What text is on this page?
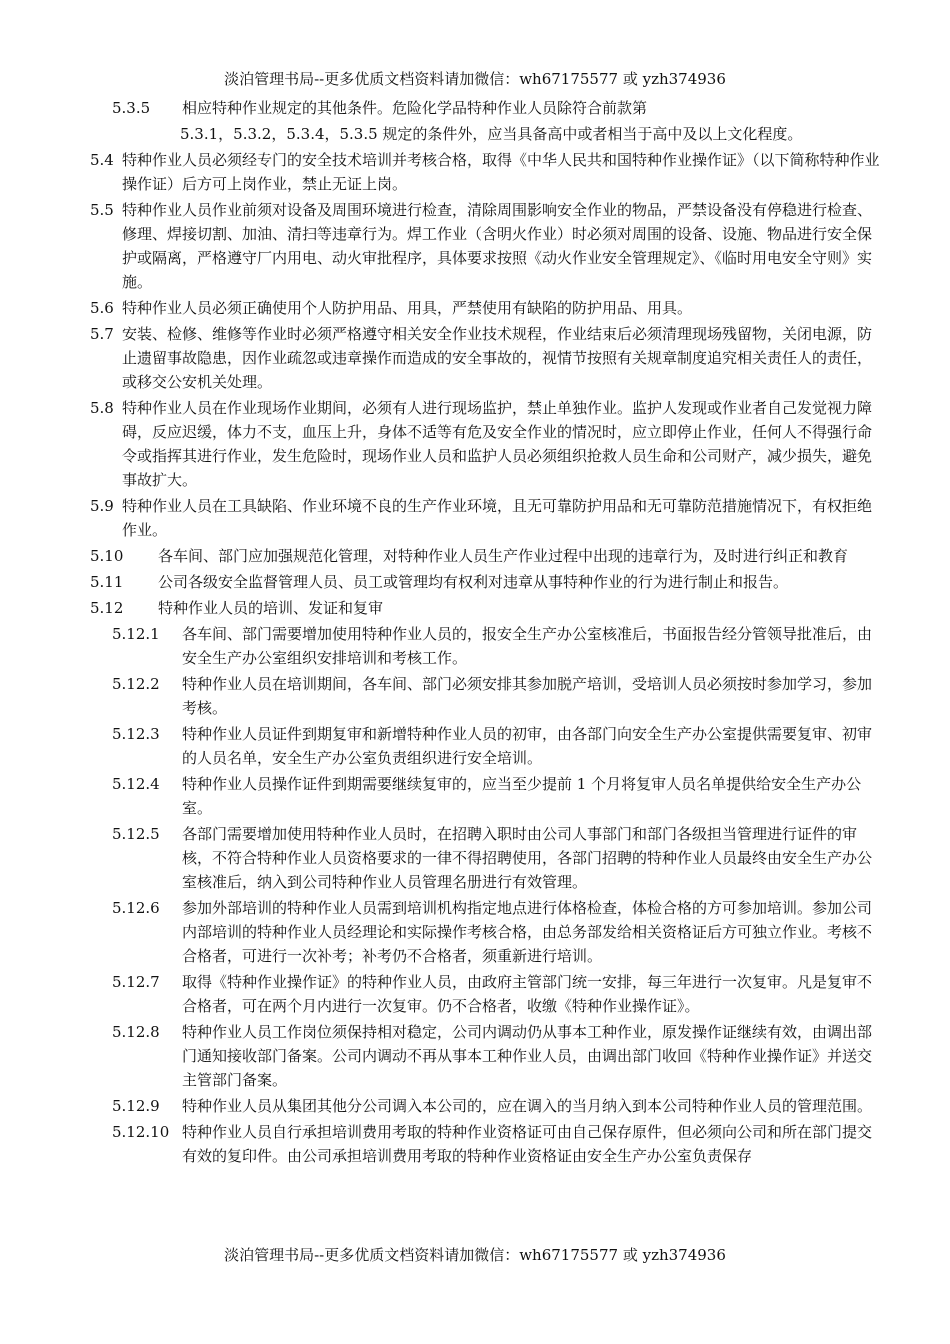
淡泊管理书局--更多优质文档资料请加微信：wh67175577 或 yzh374936
5.3.5 相应特种作业规定的其他条件。危险化学品特种作业人员除符合前款第
5.3.1，5.3.2，5.3.4，5.3.5 规定的条件外，应当具备高中或者相当于高中及以上文化程度。
5.4 特种作业人员必须经专门的安全技术培训并考核合格，取得《中华人民共和国特种作业操作证》（以下简称特种作业操作证）后方可上岗作业，禁止无证上岗。
5.5 特种作业人员作业前须对设备及周围环境进行检查，清除周围影响安全作业的物品，严禁设备没有停稳进行检查、修理、焊接切割、加油、清扫等违章行为。焊工作业（含明火作业）时必须对周围的设备、设施、物品进行安全保护或隔离，严格遵守厂内用电、动火审批程序，具体要求按照《动火作业安全管理规定》、《临时用电安全守则》实施。
5.6 特种作业人员必须正确使用个人防护用品、用具，严禁使用有缺陷的防护用品、用具。
5.7 安装、检修、维修等作业时必须严格遵守相关安全作业技术规程，作业结束后必须清理现场残留物，关闭电源，防止遗留事故隐患，因作业疏忽或违章操作而造成的安全事故的，视情节按照有关规章制度追究相关责任人的责任，或移交公安机关处理。
5.8 特种作业人员在作业现场作业期间，必须有人进行现场监护，禁止单独作业。监护人发现或作业者自己发觉视力障碍，反应迟缓，体力不支，血压上升，身体不适等有危及安全作业的情况时，应立即停止作业，任何人不得强行命令或指挥其进行作业，发生危险时，现场作业人员和监护人员必须组织抢救人员生命和公司财产，减少损失，避免事故扩大。
5.9 特种作业人员在工具缺陷、作业环境不良的生产作业环境，且无可靠防护用品和无可靠防范措施情况下，有权拒绝作业。
5.10	各车间、部门应加强规范化管理，对特种作业人员生产作业过程中出现的违章行为，及时进行纠正和教育
5.11	公司各级安全监督管理人员、员工或管理均有权利对违章从事特种作业的行为进行制止和报告。
5.12	特种作业人员的培训、发证和复审
5.12.1 各车间、部门需要增加使用特种作业人员的，报安全生产办公室核准后，书面报告经分管领导批准后，由安全生产办公室组织安排培训和考核工作。
5.12.2 特种作业人员在培训期间，各车间、部门必须安排其参加脱产培训，受培训人员必须按时参加学习，参加考核。
5.12.3 特种作业人员证件到期复审和新增特种作业人员的初审，由各部门向安全生产办公室提供需要复审、初审的人员名单，安全生产办公室负责组织进行安全培训。
5.12.4 特种作业人员操作证件到期需要继续复审的，应当至少提前 1 个月将复审人员名单提供给安全生产办公室。
5.12.5 各部门需要增加使用特种作业人员时，在招聘入职时由公司人事部门和部门各级担当管理进行证件的审核，不符合特种作业人员资格要求的一律不得招聘使用，各部门招聘的特种作业人员最终由安全生产办公室核准后，纳入到公司特种作业人员管理名册进行有效管理。
5.12.6 参加外部培训的特种作业人员需到培训机构指定地点进行体格检查，体检合格的方可参加培训。参加公司内部培训的特种作业人员经理论和实际操作考核合格，由总务部发给相关资格证后方可独立作业。考核不合格者，可进行一次补考；补考仍不合格者，须重新进行培训。
5.12.7 取得《特种作业操作证》的特种作业人员，由政府主管部门统一安排，每三年进行一次复审。凡是复审不合格者，可在两个月内进行一次复审。仍不合格者，收缴《特种作业操作证》。
5.12.8 特种作业人员工作岗位须保持相对稳定，公司内调动仍从事本工种作业，原发操作证继续有效，由调出部门通知接收部门备案。公司内调动不再从事本工种作业人员，由调出部门收回《特种作业操作证》并送交主管部门备案。
5.12.9 特种作业人员从集团其他分公司调入本公司的，应在调入的当月纳入到本公司特种作业人员的管理范围。
5.12.10 特种作业人员自行承担培训费用考取的特种作业资格证可由自己保存原件，但必须向公司和所在部门提交有效的复印件。由公司承担培训费用考取的特种作业资格证由安全生产办公室负责保存
淡泊管理书局--更多优质文档资料请加微信：wh67175577 或 yzh374936
